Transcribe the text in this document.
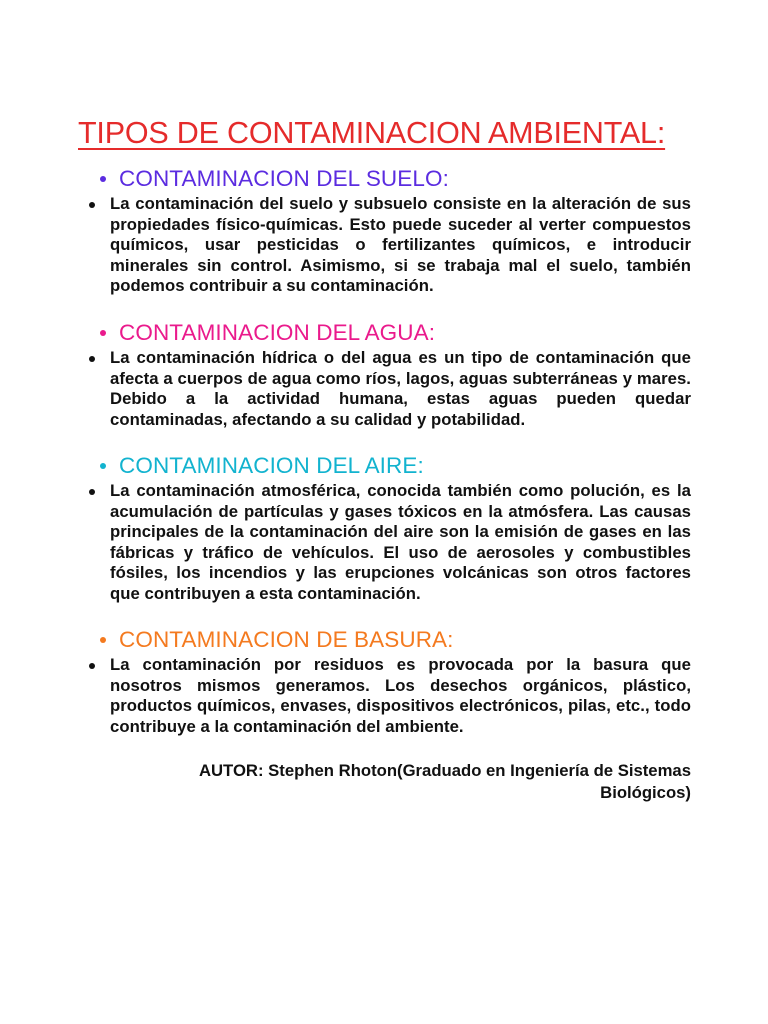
TIPOS DE CONTAMINACION AMBIENTAL:
CONTAMINACION DEL SUELO:

La contaminación del suelo y subsuelo consiste en la alteración de sus propiedades físico-químicas. Esto puede suceder al verter compuestos químicos, usar pesticidas o fertilizantes químicos, e introducir minerales sin control. Asimismo, si se trabaja mal el suelo, también podemos contribuir a su contaminación.

CONTAMINACION DEL AGUA:

La contaminación hídrica o del agua es un tipo de contaminación que afecta a cuerpos de agua como ríos, lagos, aguas subterráneas y mares. Debido a la actividad humana, estas aguas pueden quedar contaminadas, afectando a su calidad y potabilidad.

CONTAMINACION DEL AIRE:

La contaminación atmosférica, conocida también como polución, es la acumulación de partículas y gases tóxicos en la atmósfera. Las causas principales de la contaminación del aire son la emisión de gases en las fábricas y tráfico de vehículos. El uso de aerosoles y combustibles fósiles, los incendios y las erupciones volcánicas son otros factores que contribuyen a esta contaminación.

CONTAMINACION DE BASURA:

La contaminación por residuos es provocada por la basura que nosotros mismos generamos. Los desechos orgánicos, plástico, productos químicos, envases, dispositivos electrónicos, pilas, etc., todo contribuye a la contaminación del ambiente.

AUTOR: Stephen Rhoton(Graduado en Ingeniería de Sistemas
Biológicos)
